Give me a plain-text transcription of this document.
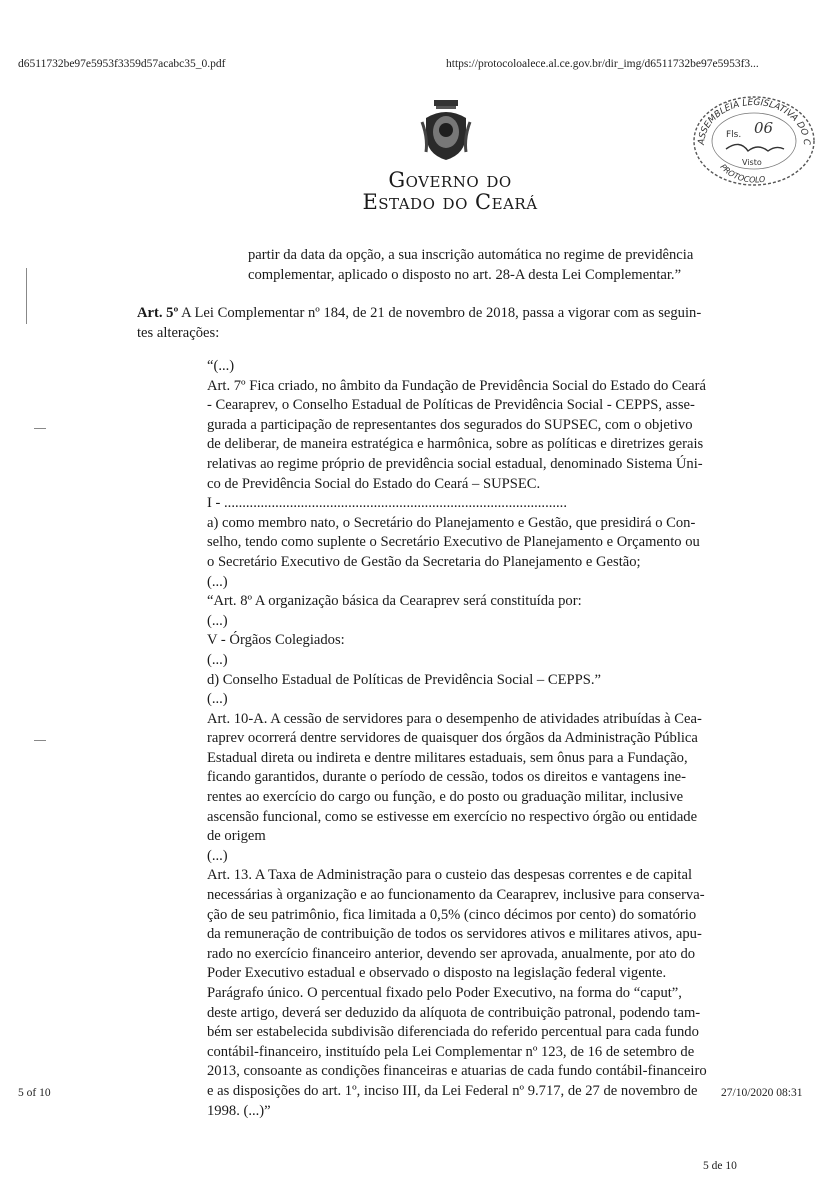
d6511732be97e5953f3359d57acabc35_0.pdf	https://protocoloalece.al.ce.gov.br/dir_img/d6511732be97e5953f3...
Governo do
Estado do Ceará
ASSEMBLÉIA LEGISLATIVA DO C
PROTOCOLO
Fls. 06
Visto
partir da data da opção, a sua inscrição automática no regime de previdência
complementar, aplicado o disposto no art. 28-A desta Lei Complementar.”
Art. 5º A Lei Complementar nº 184, de 21 de novembro de 2018, passa a vigorar com as seguin-
tes alterações:
“(...)
Art. 7º Fica criado, no âmbito da Fundação de Previdência Social do Estado do Ceará
- Cearaprev, o Conselho Estadual de Políticas de Previdência Social - CEPPS, asse-
gurada a participação de representantes dos segurados do SUPSEC, com o objetivo
de deliberar, de maneira estratégica e harmônica, sobre as políticas e diretrizes gerais
relativas ao regime próprio de previdência social estadual, denominado Sistema Úni-
co de Previdência Social do Estado do Ceará – SUPSEC.
I - ..............................................................................................
a) como membro nato, o Secretário do Planejamento e Gestão, que presidirá o Con-
selho, tendo como suplente o Secretário Executivo de Planejamento e Orçamento ou
o Secretário Executivo de Gestão da Secretaria do Planejamento e Gestão;
(...)
“Art. 8º A organização básica da Cearaprev será constituída por:
(...)
V - Órgãos Colegiados:
(...)
d) Conselho Estadual de Políticas de Previdência Social – CEPPS.”
(...)
Art. 10-A. A cessão de servidores para o desempenho de atividades atribuídas à Cea-
raprev ocorrerá dentre servidores de quaisquer dos órgãos da Administração Pública
Estadual direta ou indireta e dentre militares estaduais, sem ônus para a Fundação,
ficando garantidos, durante o período de cessão, todos os direitos e vantagens ine-
rentes ao exercício do cargo ou função, e do posto ou graduação militar, inclusive
ascensão funcional, como se estivesse em exercício no respectivo órgão ou entidade
de origem
(...)
Art. 13. A Taxa de Administração para o custeio das despesas correntes e de capital
necessárias à organização e ao funcionamento da Cearaprev, inclusive para conserva-
ção de seu patrimônio, fica limitada a 0,5% (cinco décimos por cento) do somatório
da remuneração de contribuição de todos os servidores ativos e militares ativos, apu-
rado no exercício financeiro anterior, devendo ser aprovada, anualmente, por ato do
Poder Executivo estadual e observado o disposto na legislação federal vigente.
Parágrafo único. O percentual fixado pelo Poder Executivo, na forma do “caput”,
deste artigo, deverá ser deduzido da alíquota de contribuição patronal, podendo tam-
bém ser estabelecida subdivisão diferenciada do referido percentual para cada fundo
contábil-financeiro, instituído pela Lei Complementar nº 123, de 16 de setembro de
2013, consoante as condições financeiras e atuarias de cada fundo contábil-financeiro
e as disposições do art. 1º, inciso III, da Lei Federal nº 9.717, de 27 de novembro de
1998. (...)”
5 of 10	27/10/2020 08:31
5 de 10
